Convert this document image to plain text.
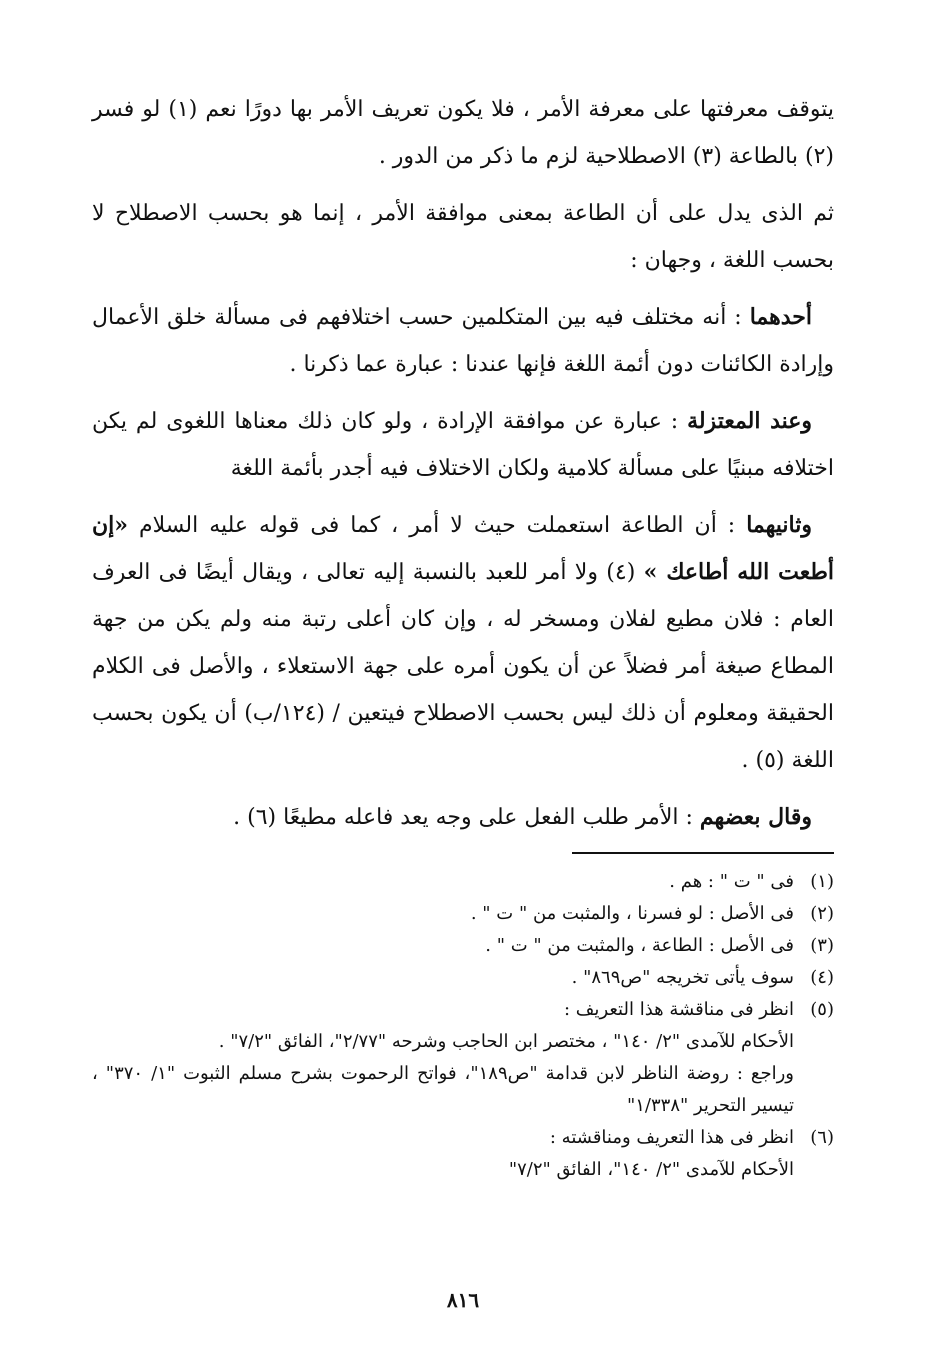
يتوقف معرفتها على معرفة الأمر ، فلا يكون تعريف الأمر بها دورًا نعم (١) لو فسر (٢) بالطاعة (٣) الاصطلاحية لزم ما ذكر من الدور .

ثم الذى يدل على أن الطاعة بمعنى موافقة الأمر ، إنما هو بحسب الاصطلاح لا بحسب اللغة ، وجهان :

أحدهما : أنه مختلف فيه بين المتكلمين حسب اختلافهم فى مسألة خلق الأعمال وإرادة الكائنات دون أئمة اللغة فإنها عندنا : عبارة عما ذكرنا .

وعند المعتزلة : عبارة عن موافقة الإرادة ، ولو كان ذلك معناها اللغوى لم يكن اختلافه مبنيًا على مسألة كلامية ولكان الاختلاف فيه أجدر بأئمة اللغة

وثانيهما : أن الطاعة استعملت حيث لا أمر ، كما فى قوله عليه السلام «إن أطعت الله أطاعك » (٤) ولا أمر للعبد بالنسبة إليه تعالى ، ويقال أيضًا فى العرف العام : فلان مطيع لفلان ومسخر له ، وإن كان أعلى رتبة منه ولم يكن من جهة المطاع صيغة أمر فضلاً عن أن يكون أمره على جهة الاستعلاء ، والأصل فى الكلام الحقيقة ومعلوم أن ذلك ليس بحسب الاصطلاح فيتعين / (١٢٤/ب) أن يكون بحسب اللغة (٥) .

وقال بعضهم : الأمر طلب الفعل على وجه يعد فاعله مطيعًا (٦) .

(١)
فى " ت " : هم .
(٢)
فى الأصل : لو فسرنا ، والمثبت من " ت " .
(٣)
فى الأصل : الطاعة ، والمثبت من " ت " .
(٤)
سوف يأتى تخريجه "ص٨٦٩" .
(٥)
انظر فى مناقشة هذا التعريف :
الأحكام للآمدى "٢/ ١٤٠" ، مختصر ابن الحاجب وشرحه "٢/٧٧"، الفائق "٧/٢" .
وراجع : روضة الناظر لابن قدامة "ص١٨٩"، فواتح الرحموت بشرح مسلم الثبوت "١/ ٣٧٠" ، تيسير التحرير "١/٣٣٨"
(٦)
انظر فى هذا التعريف ومناقشته :
الأحكام للآمدى "٢/ ١٤٠"، الفائق "٧/٢"
٨١٦
